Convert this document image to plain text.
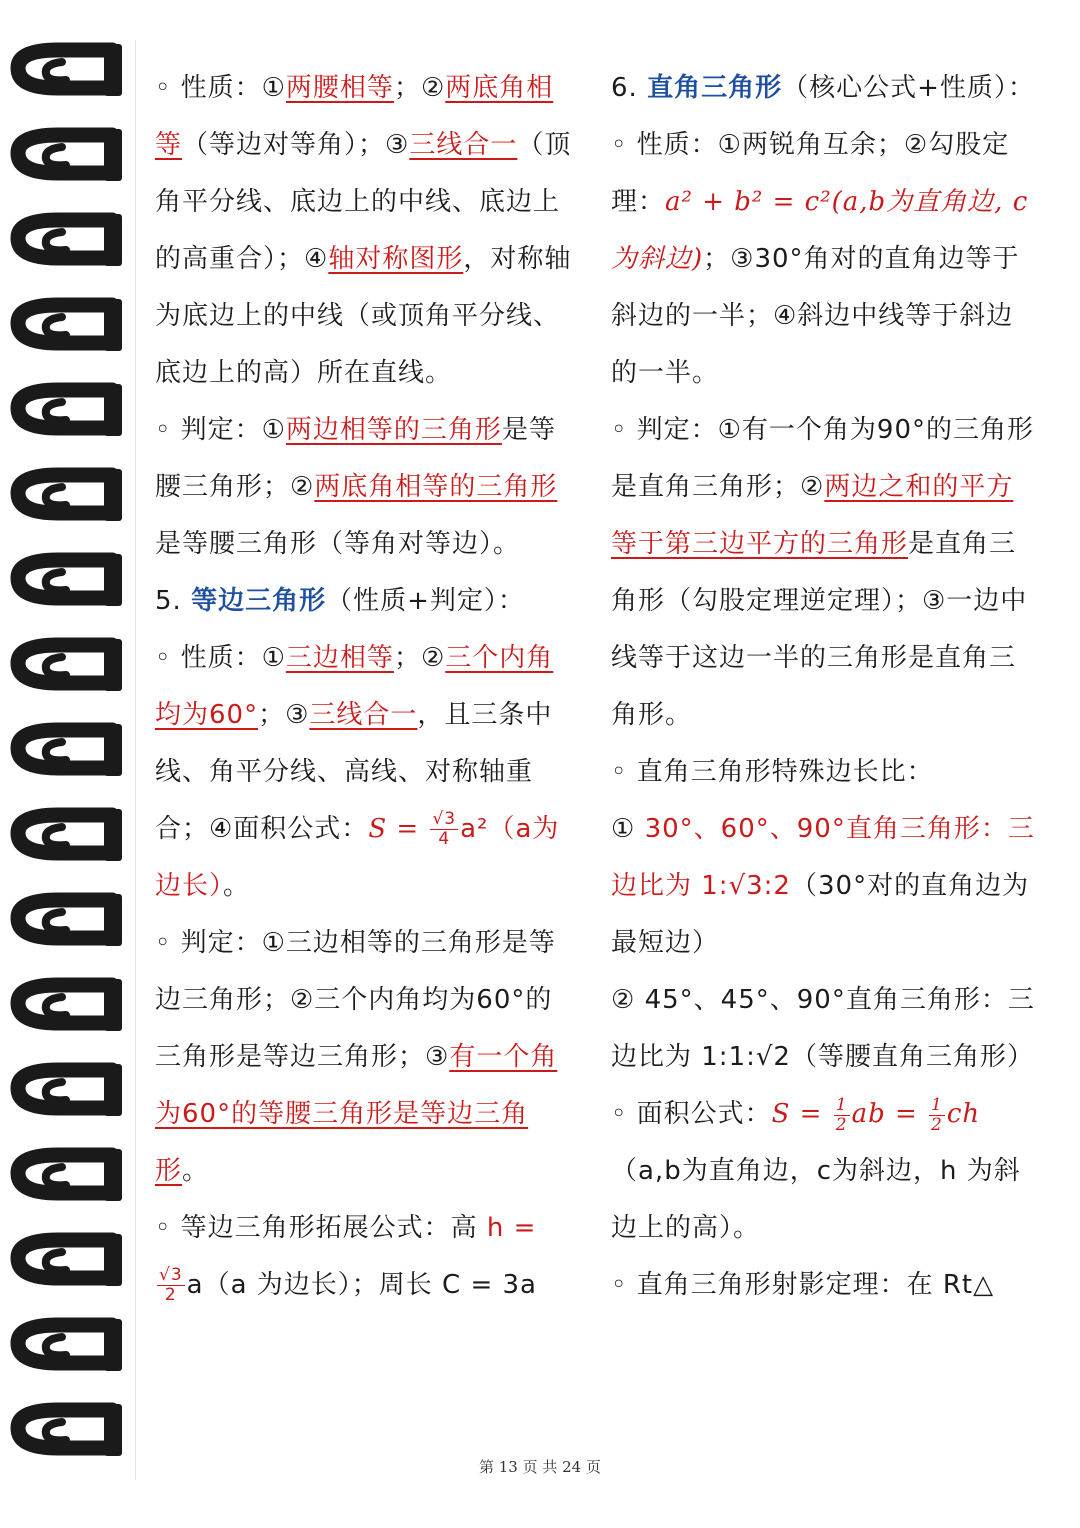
◦ 性质：①两腰相等；②两底角相等（等边对等角）；③三线合一（顶角平分线、底边上的中线、底边上的高重合）；④轴对称图形，对称轴为底边上的中线（或顶角平分线、底边上的高）所在直线。

◦ 判定：①两边相等的三角形是等腰三角形；②两底角相等的三角形是等腰三角形（等角对等边）。

5. 等边三角形（性质+判定）：

◦ 性质：①三边相等；②三个内角均为60°；③三线合一，且三条中线、角平分线、高线、对称轴重合；④面积公式：$S = \frac{√3}{4} a^2(a$为边长）。

◦ 判定：①三边相等的三角形是等边三角形；②三个内角均为60°的三角形是等边三角形；③有一个角为60°的等腰三角形是等边三角形。

◦ 等边三角形拓展公式：高 h =
$\frac{√3}{2} a(a$ 为边长）；周长 C = 3a

6. 直角三角形（核心公式+性质）：

◦ 性质：①两锐角互余；②勾股定理：a² + b² = c²(a,b为直角边, c为斜边)；③30°角对的直角边等于斜边的一半；④斜边中线等于斜边的一半。

◦ 判定：①有一个角为90°的三角形是直角三角形；②两边之和的平方等于第三边平方的三角形是直角三角形（勾股定理逆定理）；③一边中线等于这边一半的三角形是直角三角形。

◦ 直角三角形特殊边长比：

① 30°、60°、90°直角三角形：三边比为 1:√3:2（30°对的直角边为最短边）

② 45°、45°、90°直角三角形：三边比为 1:1:√2（等腰直角三角形）

◦ 面积公式：$S = \frac{1}{2}$ ab = $\frac{1}{2} ch(a,b$为直角边，c为斜边，h 为斜边上的高）。

◦ 直角三角形射影定理：在 Rt△

第 13 页 共 24 页
